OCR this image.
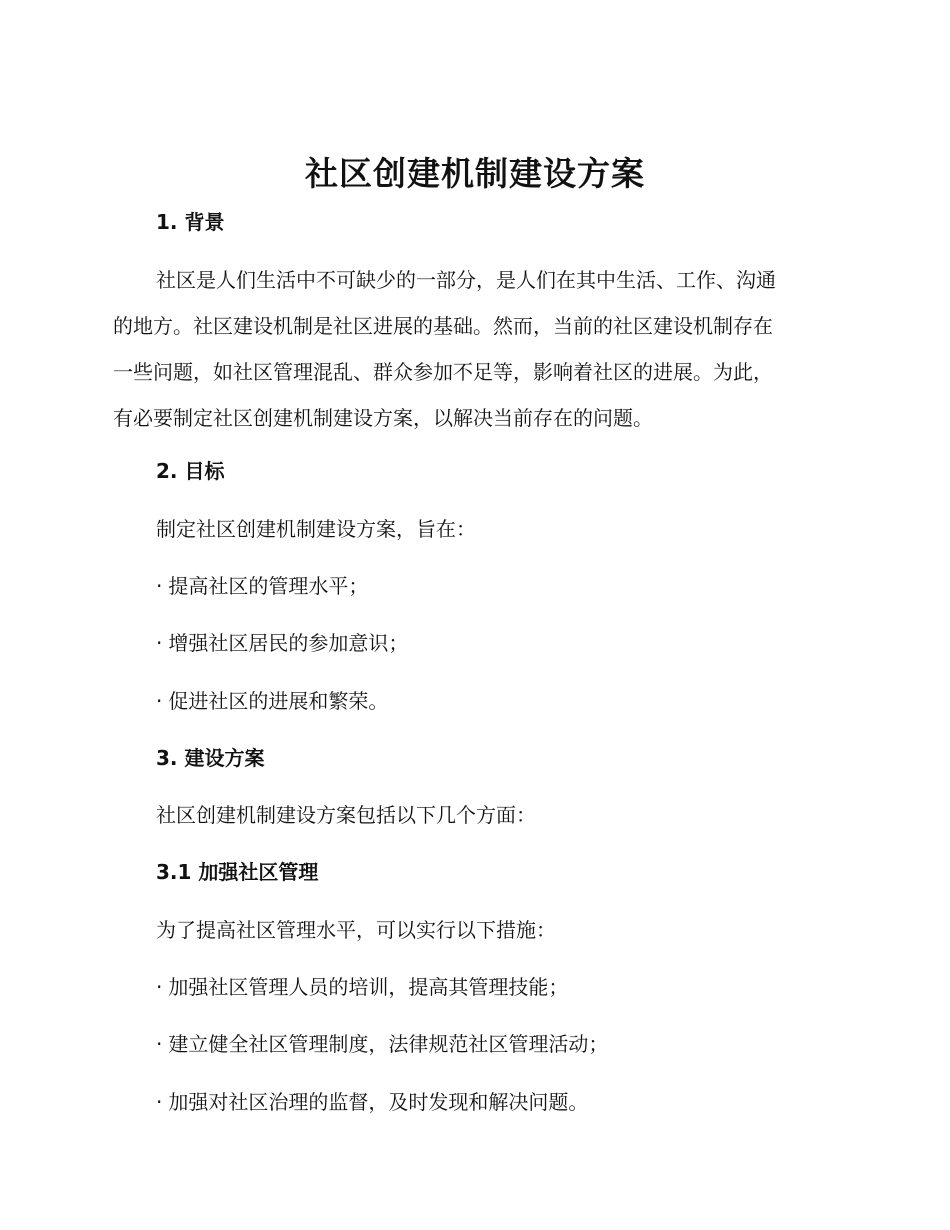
社区创建机制建设方案
1. 背景
社区是人们生活中不可缺少的一部分，是人们在其中生活、工作、沟通
的地方。社区建设机制是社区进展的基础。然而，当前的社区建设机制存在
一些问题，如社区管理混乱、群众参加不足等，影响着社区的进展。为此，
有必要制定社区创建机制建设方案，以解决当前存在的问题。
2. 目标

制定社区创建机制建设方案，旨在：

· 提高社区的管理水平；

· 增强社区居民的参加意识；

· 促进社区的进展和繁荣。

3. 建设方案

社区创建机制建设方案包括以下几个方面：

3.1 加强社区管理

为了提高社区管理水平，可以实行以下措施：

· 加强社区管理人员的培训，提高其管理技能；

· 建立健全社区管理制度，法律规范社区管理活动；

· 加强对社区治理的监督，及时发现和解决问题。
